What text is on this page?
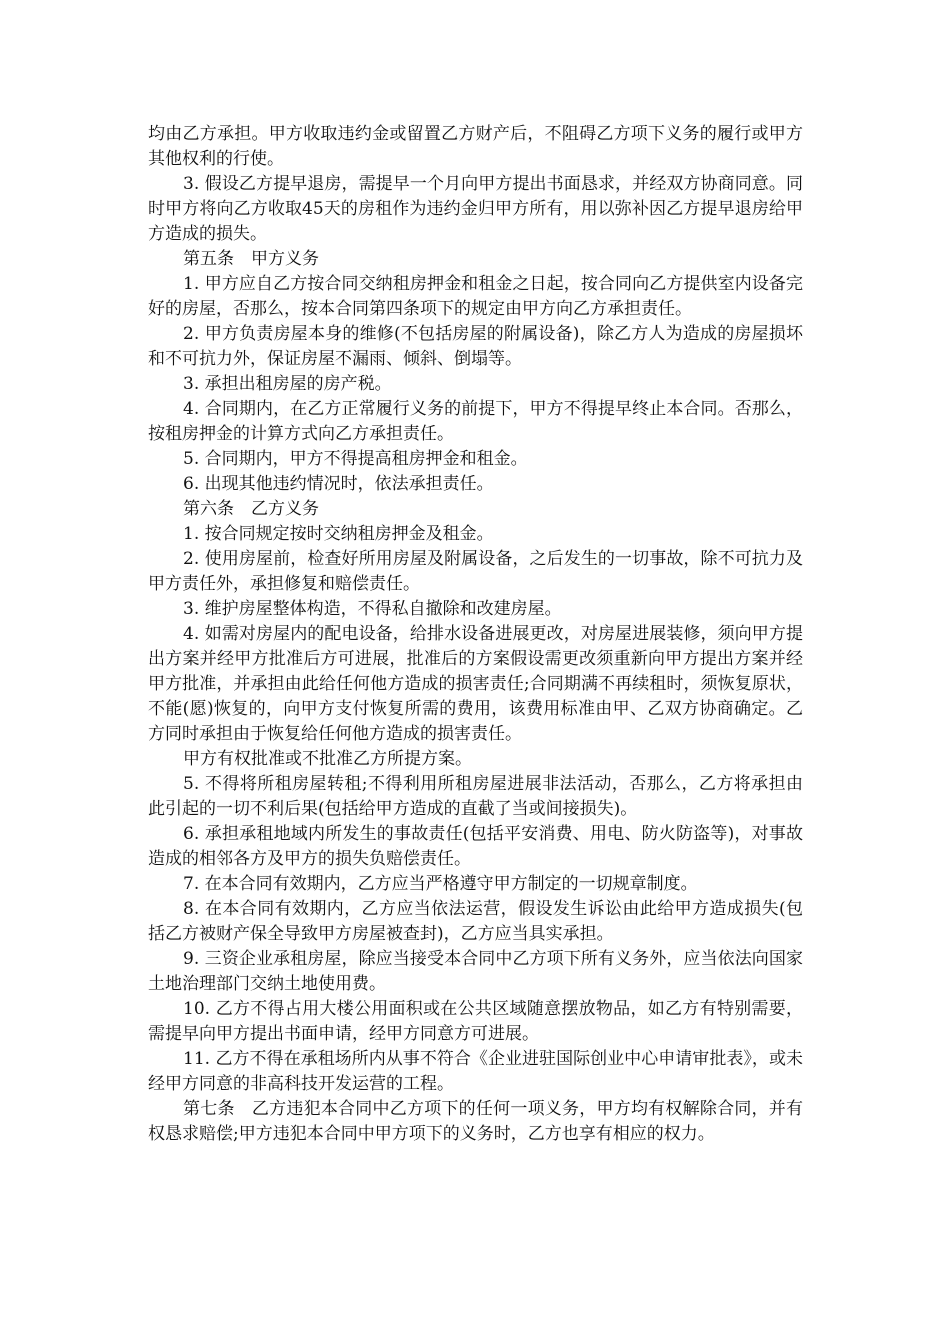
均由乙方承担。甲方收取违约金或留置乙方财产后，不阻碍乙方项下义务的履行或甲方其他权利的行使。

3. 假设乙方提早退房，需提早一个月向甲方提出书面恳求，并经双方协商同意。同时甲方将向乙方收取45天的房租作为违约金归甲方所有，用以弥补因乙方提早退房给甲方造成的损失。

第五条　甲方义务

1. 甲方应自乙方按合同交纳租房押金和租金之日起，按合同向乙方提供室内设备完好的房屋，否那么，按本合同第四条项下的规定由甲方向乙方承担责任。

2. 甲方负责房屋本身的维修(不包括房屋的附属设备)，除乙方人为造成的房屋损坏和不可抗力外，保证房屋不漏雨、倾斜、倒塌等。

3. 承担出租房屋的房产税。

4. 合同期内，在乙方正常履行义务的前提下，甲方不得提早终止本合同。否那么，按租房押金的计算方式向乙方承担责任。

5. 合同期内，甲方不得提高租房押金和租金。

6. 出现其他违约情况时，依法承担责任。

第六条　乙方义务

1. 按合同规定按时交纳租房押金及租金。

2. 使用房屋前，检查好所用房屋及附属设备，之后发生的一切事故，除不可抗力及甲方责任外，承担修复和赔偿责任。

3. 维护房屋整体构造，不得私自撤除和改建房屋。

4. 如需对房屋内的配电设备，给排水设备进展更改，对房屋进展装修，须向甲方提出方案并经甲方批准后方可进展，批准后的方案假设需更改须重新向甲方提出方案并经甲方批准，并承担由此给任何他方造成的损害责任;合同期满不再续租时，须恢复原状，不能(愿)恢复的，向甲方支付恢复所需的费用，该费用标准由甲、乙双方协商确定。乙方同时承担由于恢复给任何他方造成的损害责任。

甲方有权批准或不批准乙方所提方案。

5. 不得将所租房屋转租;不得利用所租房屋进展非法活动，否那么，乙方将承担由此引起的一切不利后果(包括给甲方造成的直截了当或间接损失)。

6. 承担承租地域内所发生的事故责任(包括平安消费、用电、防火防盗等)，对事故造成的相邻各方及甲方的损失负赔偿责任。

7. 在本合同有效期内，乙方应当严格遵守甲方制定的一切规章制度。

8. 在本合同有效期内，乙方应当依法运营，假设发生诉讼由此给甲方造成损失(包括乙方被财产保全导致甲方房屋被查封)，乙方应当具实承担。

9. 三资企业承租房屋，除应当接受本合同中乙方项下所有义务外，应当依法向国家土地治理部门交纳土地使用费。

10. 乙方不得占用大楼公用面积或在公共区域随意摆放物品，如乙方有特别需要，需提早向甲方提出书面申请，经甲方同意方可进展。

11. 乙方不得在承租场所内从事不符合《企业进驻国际创业中心申请审批表》，或未经甲方同意的非高科技开发运营的工程。

第七条　乙方违犯本合同中乙方项下的任何一项义务，甲方均有权解除合同，并有权恳求赔偿;甲方违犯本合同中甲方项下的义务时，乙方也享有相应的权力。
